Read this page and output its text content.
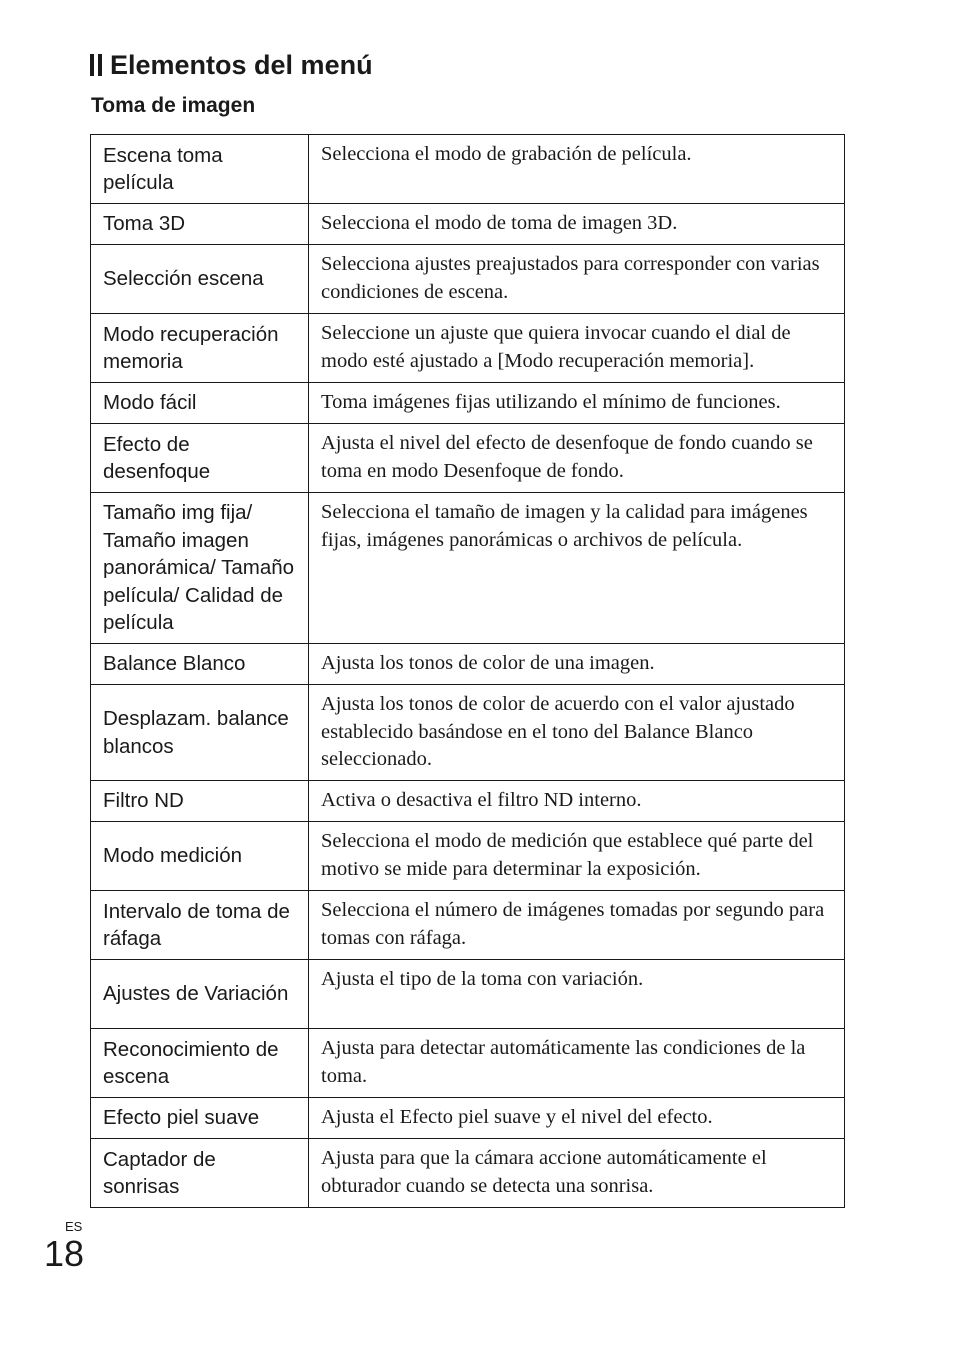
Elementos del menú
Toma de imagen
Escena toma película	Selecciona el modo de grabación de película.
Toma 3D	Selecciona el modo de toma de imagen 3D.
Selección escena	Selecciona ajustes preajustados para corresponder con varias condiciones de escena.
Modo recuperación memoria	Seleccione un ajuste que quiera invocar cuando el dial de modo esté ajustado a [Modo recuperación memoria].
Modo fácil	Toma imágenes fijas utilizando el mínimo de funciones.
Efecto de desenfoque	Ajusta el nivel del efecto de desenfoque de fondo cuando se toma en modo Desenfoque de fondo.
Tamaño img fija/ Tamaño imagen panorámica/ Tamaño película/ Calidad de película	Selecciona el tamaño de imagen y la calidad para imágenes fijas, imágenes panorámicas o archivos de película.
Balance Blanco	Ajusta los tonos de color de una imagen.
Desplazam. balance blancos	Ajusta los tonos de color de acuerdo con el valor ajustado establecido basándose en el tono del Balance Blanco seleccionado.
Filtro ND	Activa o desactiva el filtro ND interno.
Modo medición	Selecciona el modo de medición que establece qué parte del motivo se mide para determinar la exposición.
Intervalo de toma de ráfaga	Selecciona el número de imágenes tomadas por segundo para tomas con ráfaga.
Ajustes de Variación	Ajusta el tipo de la toma con variación.
Reconocimiento de escena	Ajusta para detectar automáticamente las condiciones de la toma.
Efecto piel suave	Ajusta el Efecto piel suave y el nivel del efecto.
Captador de sonrisas	Ajusta para que la cámara accione automáticamente el obturador cuando se detecta una sonrisa.
ES
18
